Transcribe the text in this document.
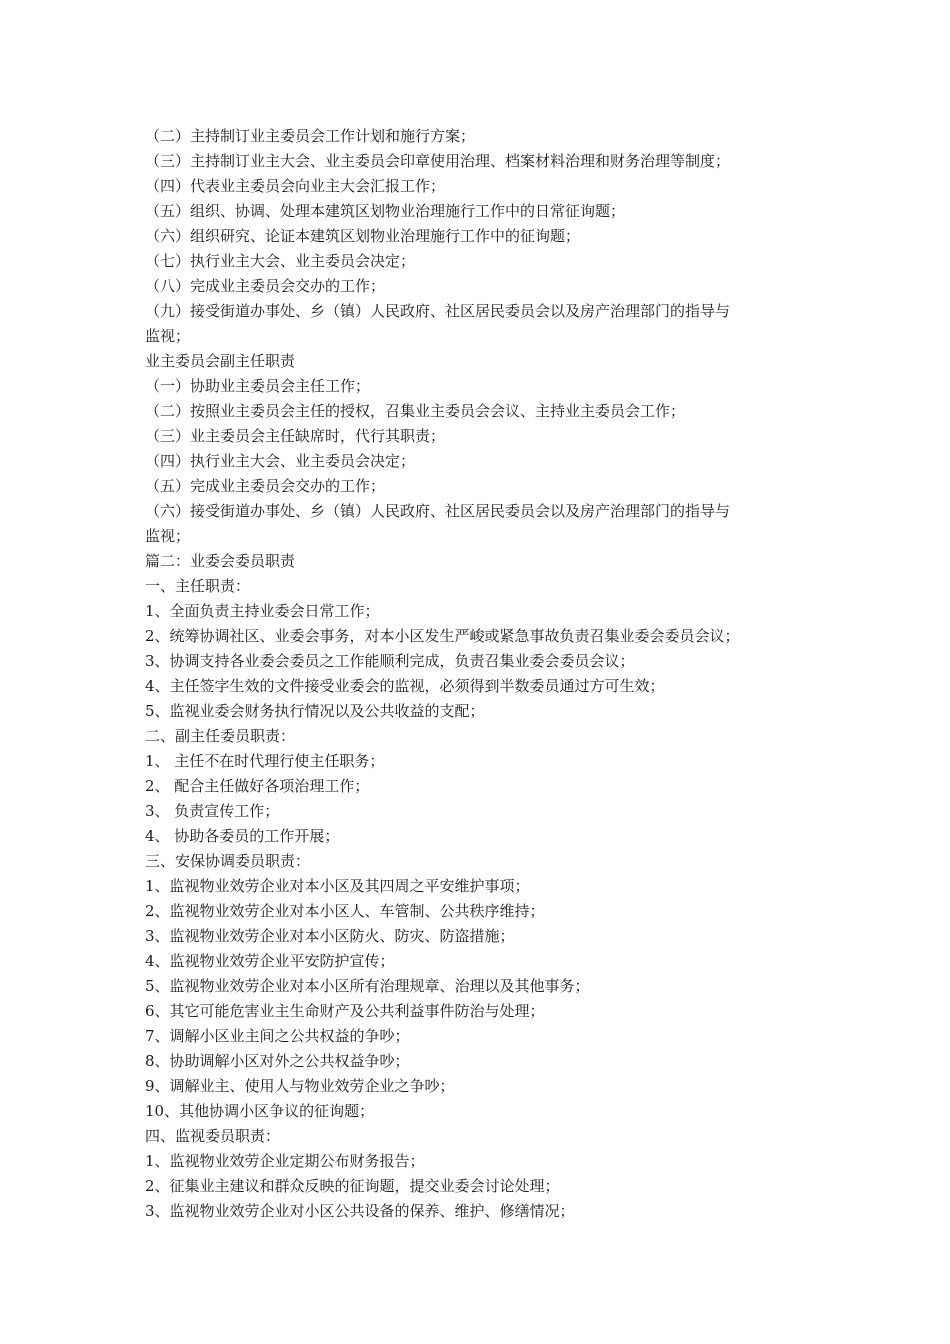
（二）主持制订业主委员会工作计划和施行方案；
（三）主持制订业主大会、业主委员会印章使用治理、档案材料治理和财务治理等制度；
（四）代表业主委员会向业主大会汇报工作；
（五）组织、协调、处理本建筑区划物业治理施行工作中的日常征询题；
（六）组织研究、论证本建筑区划物业治理施行工作中的征询题；
（七）执行业主大会、业主委员会决定；
（八）完成业主委员会交办的工作；
（九）接受街道办事处、乡（镇）人民政府、社区居民委员会以及房产治理部门的指导与
监视；
业主委员会副主任职责
（一）协助业主委员会主任工作；
（二）按照业主委员会主任的授权，召集业主委员会会议、主持业主委员会工作；
（三）业主委员会主任缺席时，代行其职责；
（四）执行业主大会、业主委员会决定；
（五）完成业主委员会交办的工作；
（六）接受街道办事处、乡（镇）人民政府、社区居民委员会以及房产治理部门的指导与
监视；
篇二：业委会委员职责
一、主任职责：
1、全面负责主持业委会日常工作；
2、统筹协调社区、业委会事务，对本小区发生严峻或紧急事故负责召集业委会委员会议；
3、协调支持各业委会委员之工作能顺利完成，负责召集业委会委员会议；
4、主任签字生效的文件接受业委会的监视，必须得到半数委员通过方可生效；
5、监视业委会财务执行情况以及公共收益的支配；
二、副主任委员职责：
1、 主任不在时代理行使主任职务；
2、 配合主任做好各项治理工作；
3、 负责宣传工作；
4、 协助各委员的工作开展；
三、安保协调委员职责：
1、监视物业效劳企业对本小区及其四周之平安维护事项；
2、监视物业效劳企业对本小区人、车管制、公共秩序维持；
3、监视物业效劳企业对本小区防火、防灾、防盗措施；
4、监视物业效劳企业平安防护宣传；
5、监视物业效劳企业对本小区所有治理规章、治理以及其他事务；
6、其它可能危害业主生命财产及公共利益事件防治与处理；
7、调解小区业主间之公共权益的争吵；
8、协助调解小区对外之公共权益争吵；
9、调解业主、使用人与物业效劳企业之争吵；
10、其他协调小区争议的征询题；
四、监视委员职责：
1、监视物业效劳企业定期公布财务报告；
2、征集业主建议和群众反映的征询题，提交业委会讨论处理；
3、监视物业效劳企业对小区公共设备的保养、维护、修缮情况；
